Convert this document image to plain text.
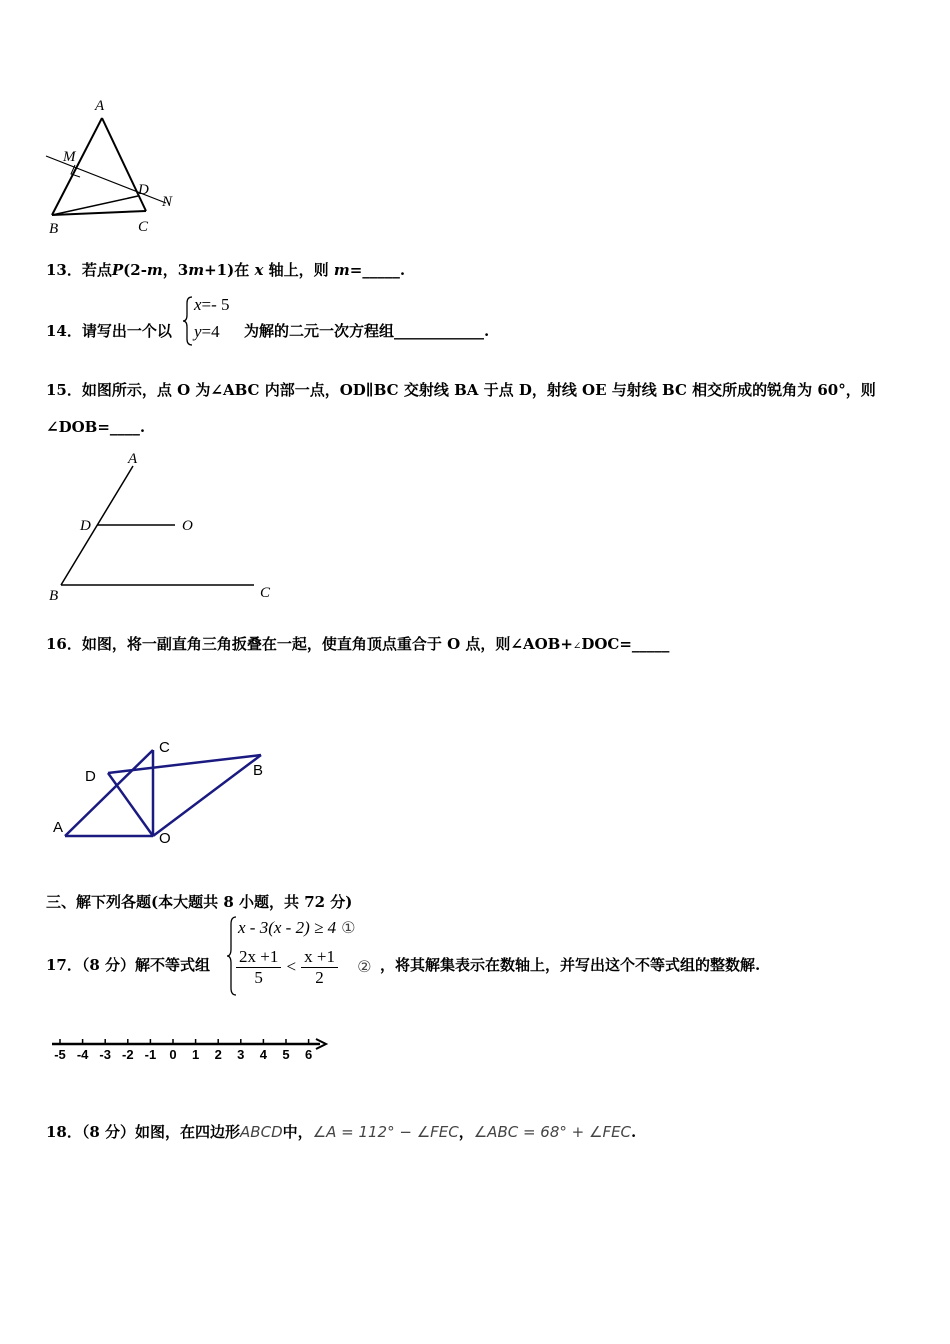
A
M
D
N
B	C
13．若点P(2-m，3m+1)在 x 轴上，则 m=_____.
14．请写出一个以
x=- 5
y=4 为解的二元一次方程组____________.
15．如图所示，点 O 为∠ABC 内部一点，OD∥BC 交射线 BA 于点 D，射线 OE 与射线 BC 相交所成的锐角为 60°，则
∠DOB=____.
A
D	O
B	C
16．如图，将一副直角三角扳叠在一起，使直角顶点重合于 O 点，则∠AOB+∠DOC=_____
C
D	B
A
O
三、解下列各题(本大题共 8 小题，共 72 分)
17．（8 分）解不等式组
x - 3(x - 2) ≥ 4 ①
$\frac{2x +1}{5} < \frac{x +1}{2}$ ② ，将其解集表示在数轴上，并写出这个不等式组的整数解.
-5 -4 -3 -2 -1 0 1 2 3 4 5 6
18．（8 分）如图，在四边形ABCD中，∠A = 112° − ∠FEC，∠ABC = 68° + ∠FEC.
